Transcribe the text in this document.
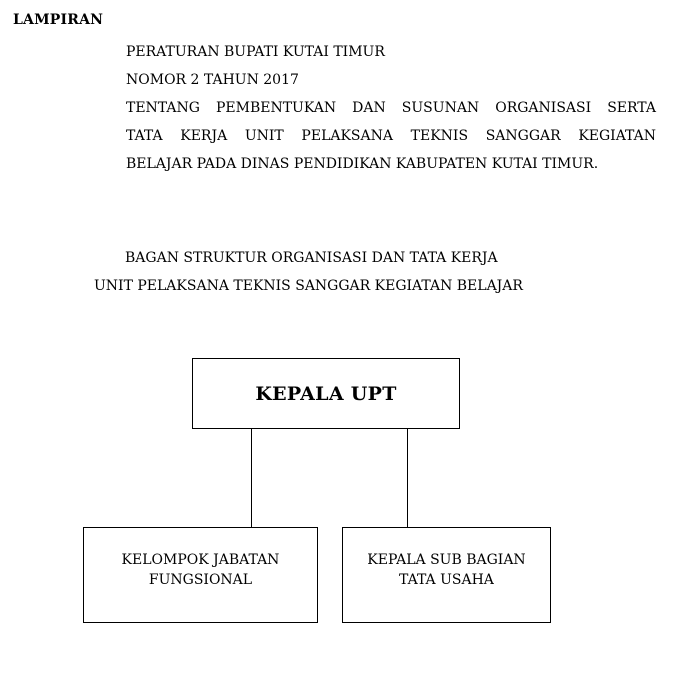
LAMPIRAN
PERATURAN BUPATI KUTAI TIMUR
NOMOR 2 TAHUN 2017
TENTANG PEMBENTUKAN DAN SUSUNAN ORGANISASI SERTA
TATA KERJA UNIT PELAKSANA TEKNIS SANGGAR KEGIATAN
BELAJAR PADA DINAS PENDIDIKAN KABUPATEN KUTAI TIMUR.
BAGAN STRUKTUR ORGANISASI DAN TATA KERJA
UNIT PELAKSANA TEKNIS SANGGAR KEGIATAN BELAJAR
KEPALA UPT
KELOMPOK JABATAN
FUNGSIONAL
KEPALA SUB BAGIAN
TATA USAHA
